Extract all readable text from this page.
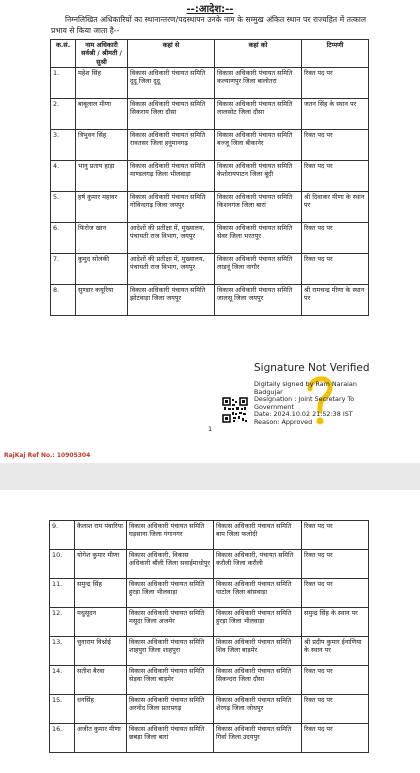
--:आदेश:--
निम्नलिखित अधिकारियों का स्थानान्तरण/पदस्थापन उनके नाम के सम्मुख अंकित स्थान पर राज्यहित में तत्काल प्रभाव से किया जाता है--
क.सं.	नाम अधिकारी सर्वश्री / श्रीमती / सुश्री	कहां से	कहां को	टिप्पणी
1.	महेश सिंह	विकास अधिकारी पंचायत समिति दूदू जिला दूदू	विकास अधिकारी पंचायत समिति कल्याणपुर जिला बालोतरा	रिक्त पद पर
2.	बाबूलाल मीणा	विकास अधिकारी पंचायत समिति सिकराय जिला दौसा	विकास अधिकारी पंचायत समिति लालसोट जिला दौसा	जतन सिंह के स्थान पर
3.	त्रिभुवन सिंह	विकास अधिकारी पंचायत समिति रावतसर जिला हनुमानगढ़	विकास अधिकारी पंचायत समिति बज्जू जिला बीकानेर	रिक्त पद पर
4.	भानु प्रताप हाड़ा	विकास अधिकारी पंचायत समिति माण्डलगढ़ जिला भीलवाड़ा	विकास अधिकारी पंचायत समिति केशोरायपाटन जिला बूंदी	रिक्त पद पर
5.	हर्ष कुमार महावर	विकास अधिकारी पंचायत समिति गोविन्दगढ़ जिला जयपुर	विकास अधिकारी पंचायत समिति किशनगंज जिला बारां	श्री दिवाकर मीणा के स्थान पर
6.	फिरोज खान	आदेशों की प्रतीक्षा में, मुख्यालय, पंचायती राज विभाग, जयपुर	विकास अधिकारी पंचायत समिति सेवर जिला भरतपुर	रिक्त पद पर
7.	कुमुद सोलंकी	आदेशों की प्रतीक्षा में, मुख्यालय, पंचायती राज विभाग, जयपुर	विकास अधिकारी पंचायत समिति लाडनूं जिला नागौर	रिक्त पद पर
8.	सुण्डार कयूरिया	विकास अधिकारी पंचायत समिति झोटवाड़ा जिला जयपुर	विकास अधिकारी पंचायत समिति जालसू जिला जयपुर	श्री रामचन्द्र मीणा के स्थान पर
Signature Not Verified
Digitally signed by Ram Naraian
Badgujar
Designation : Joint Secretary To
Government
Date: 2024.10.02 21:52:38 IST
Reason: Approved
1
RajKaj Ref No.: 10905304
9.	कैलाश राम पंवारिया	विकास अधिकारी पंचायत समिति घड़साना जिला गंगानगर	विकास अधिकारी पंचायत समिति बाप जिला फलोदी	रिक्त पद पर
10.	योगेश कुमार मीणा	विकास अधिकारी, विकास अधिकारी बौंली जिला सवाईमाधोपुर	विकास अधिकारी, पंचायत समिति करौली जिला करौली	रिक्त पद पर
11.	समुन्द्र सिंह	विकास अधिकारी पंचायत समिति हुरड़ा जिला भीलवाड़ा	विकास अधिकारी पंचायत समिति घाटोल जिला बांसवाड़ा	रिक्त पद पर
12.	मधुसूदन	विकास अधिकारी पंचायत समिति मसूदा जिला अजमेर	विकास अधिकारी पंचायत समिति हुरड़ा जिला भीलवाड़ा	समुन्द्र सिंह के स्थान पर
13.	चुनाराम विश्नोई	विकास अधिकारी पंचायत समिति शाहपुरा जिला शाहपुरा	विकास अधिकारी पंचायत समिति शिव जिला बाड़मेर	श्री प्रदीप कुमार ईनाणिया के स्थान पर
14.	सतीश बैरवा	विकास अधिकारी पंचायत समिति सेड़वा जिला बाड़मेर	विकास अधिकारी पंचायत समिति सिकन्दरा जिला दौसा	रिक्त पद पर
15.	धनसिंह	विकास अधिकारी पंचायत समिति अरनोद जिला प्रतापगढ़	विकास अधिकारी पंचायत समिति शेरगढ़ जिला जोधपुर	रिक्त पद पर
16.	अजीत कुमार मीणा	विकास अधिकारी पंचायत समिति छबड़ा जिला बारां	विकास अधिकारी पंचायत समिति गिर्वा जिला उदयपुर	रिक्त पद पर
